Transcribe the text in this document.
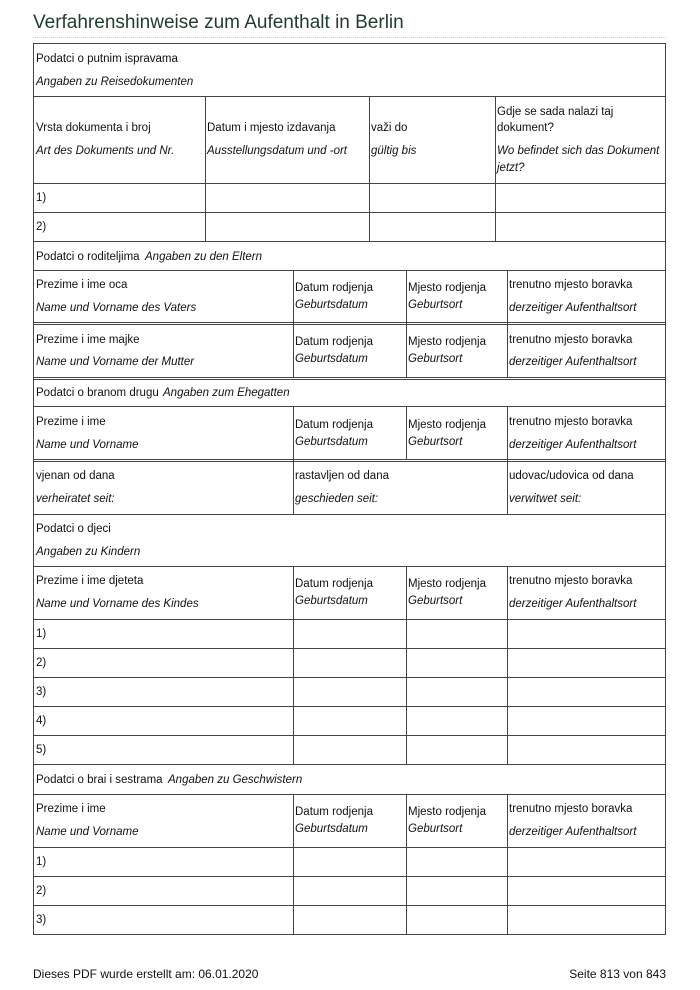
Verfahrenshinweise zum Aufenthalt in Berlin
Podatci o putnim ispravama
Angaben zu Reisedokumenten
Vrsta dokumenta i broj
Art des Dokuments und Nr.
Datum i mjesto izdavanja
Ausstellungsdatum und -ort
važi do
gültig bis
Gdje se sada nalazi taj
dokument?
Wo befindet sich das Dokument
jetzt?
1)
2)
Podatci o roditeljima Angaben zu den Eltern
Prezime i ime oca
Name und Vorname des Vaters
Datum rodjenja
Geburtsdatum
Mjesto rodjenja
Geburtsort
trenutno mjesto boravka
derzeitiger Aufenthaltsort
Prezime i ime majke
Name und Vorname der Mutter
Datum rodjenja
Geburtsdatum
Mjesto rodjenja
Geburtsort
trenutno mjesto boravka
derzeitiger Aufenthaltsort
Podatci o branom drugu Angaben zum Ehegatten
Prezime i ime
Name und Vorname
Datum rodjenja
Geburtsdatum
Mjesto rodjenja
Geburtsort
trenutno mjesto boravka
derzeitiger Aufenthaltsort
vjenan od dana
verheiratet seit:
rastavljen od dana
geschieden seit:
udovac/udovica od dana
verwitwet seit:
Podatci o djeci
Angaben zu Kindern
Prezime i ime djeteta
Name und Vorname des Kindes
Datum rodjenja
Geburtsdatum
Mjesto rodjenja
Geburtsort
trenutno mjesto boravka
derzeitiger Aufenthaltsort
1)
2)
3)
4)
5)
Podatci o brai i sestrama Angaben zu Geschwistern
Prezime i ime
Name und Vorname
Datum rodjenja
Geburtsdatum
Mjesto rodjenja
Geburtsort
trenutno mjesto boravka
derzeitiger Aufenthaltsort
1)
2)
3)
Dieses PDF wurde erstellt am: 06.01.2020	Seite 813 von 843
